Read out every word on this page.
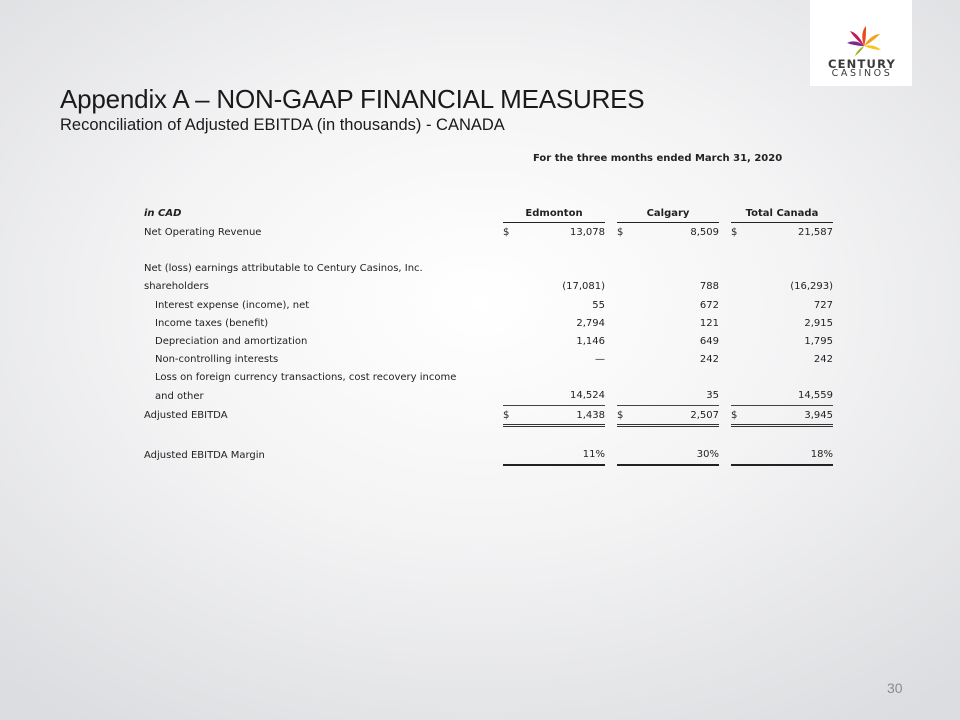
CENTURY
CASINOS
Appendix A – NON-GAAP FINANCIAL MEASURES
Reconciliation of Adjusted EBITDA (in thousands) - CANADA
For the three months ended March 31, 2020
in CAD		Edmonton			Calgary			Total Canada	
Net Operating Revenue		$	13,078		$	8,509		$	21,587

Net (loss) earnings attributable to Century Casinos, Inc.									
shareholders			(17,081)			788			(16,293)
Interest expense (income), net			55			672			727
Income taxes (benefit)			2,794			121			2,915
Depreciation and amortization			1,146			649			1,795
Non-controlling interests			—			242			242
Loss on foreign currency transactions, cost recovery income									
and other			14,524			35			14,559
Adjusted EBITDA		$	1,438		$	2,507		$	3,945

Adjusted EBITDA Margin			11%			30%			18%
30
